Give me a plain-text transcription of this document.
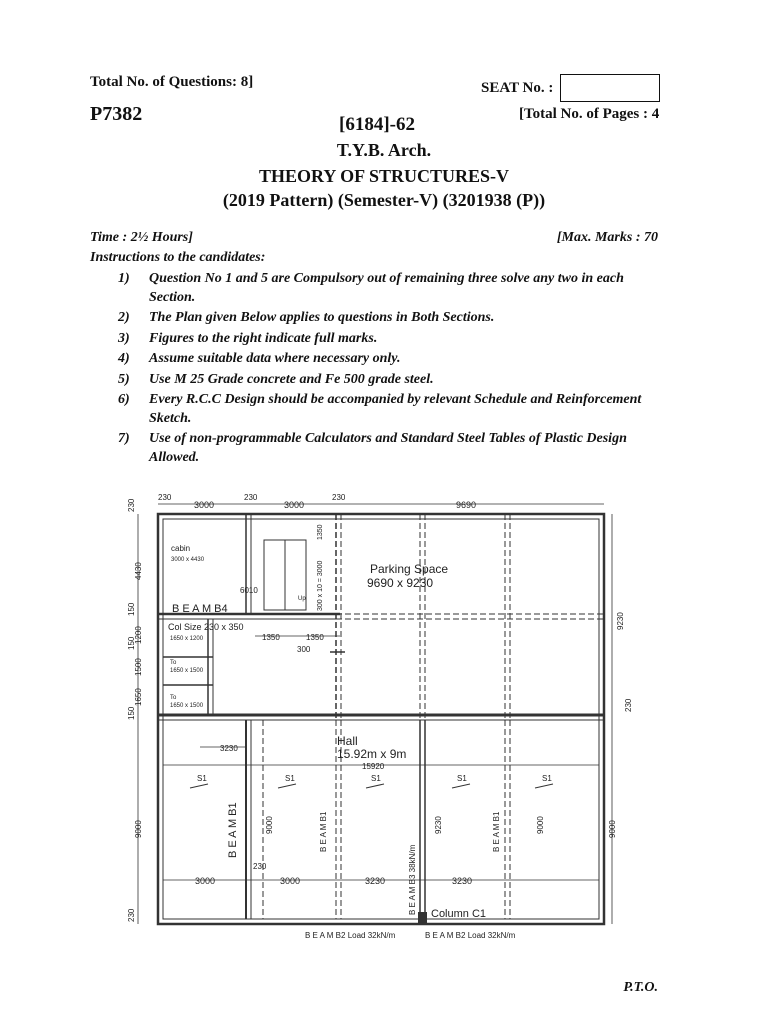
Total No. of Questions: 8]	SEAT No. :
P7382	[Total No. of Pages : 4
[6184]-62
T.Y.B. Arch.
THEORY OF STRUCTURES-V
(2019 Pattern) (Semester-V) (3201938 (P))
Time : 2½ Hours]	[Max. Marks : 70
Instructions to the candidates:
1) Question No 1 and 5 are Compulsory out of remaining three solve any two in each Section.
2) The Plan given Below applies to questions in Both Sections.
3) Figures to the right indicate full marks.
4) Assume suitable data where necessary only.
5) Use M 25 Grade concrete and Fe 500 grade steel.
6) Every R.C.C Design should be accompanied by relevant Schedule and Reinforcement Sketch.
7) Use of non-programmable Calculators and Standard Steel Tables of Plastic Design Allowed.
230
3000
230
3000
230
9690
230
4430
150
1200
150
1500
1650
150
cabin
3000 x 4430
6010	300 x 10 = 3000
1350
Up
B E A M B4
Col Size 230 x 350
1650 x 1200	1350	1350
300
To
1650 x 1500
To
1650 x 1500
Parking Space
9690 x 9230
9230
230
Hall
15.92m x 9m
15920
3230
S1	S1	S1	S1	S1
9000	9000	9230	9000	9000
B E A M B1	B E A M B1	B E A M B1
B E A M B3 38kN/m
230
3000	3000	3230	3230
Column C1
B E A M B2 Load 32kN/m	B E A M B2 Load 32kN/m
230
P.T.O.
